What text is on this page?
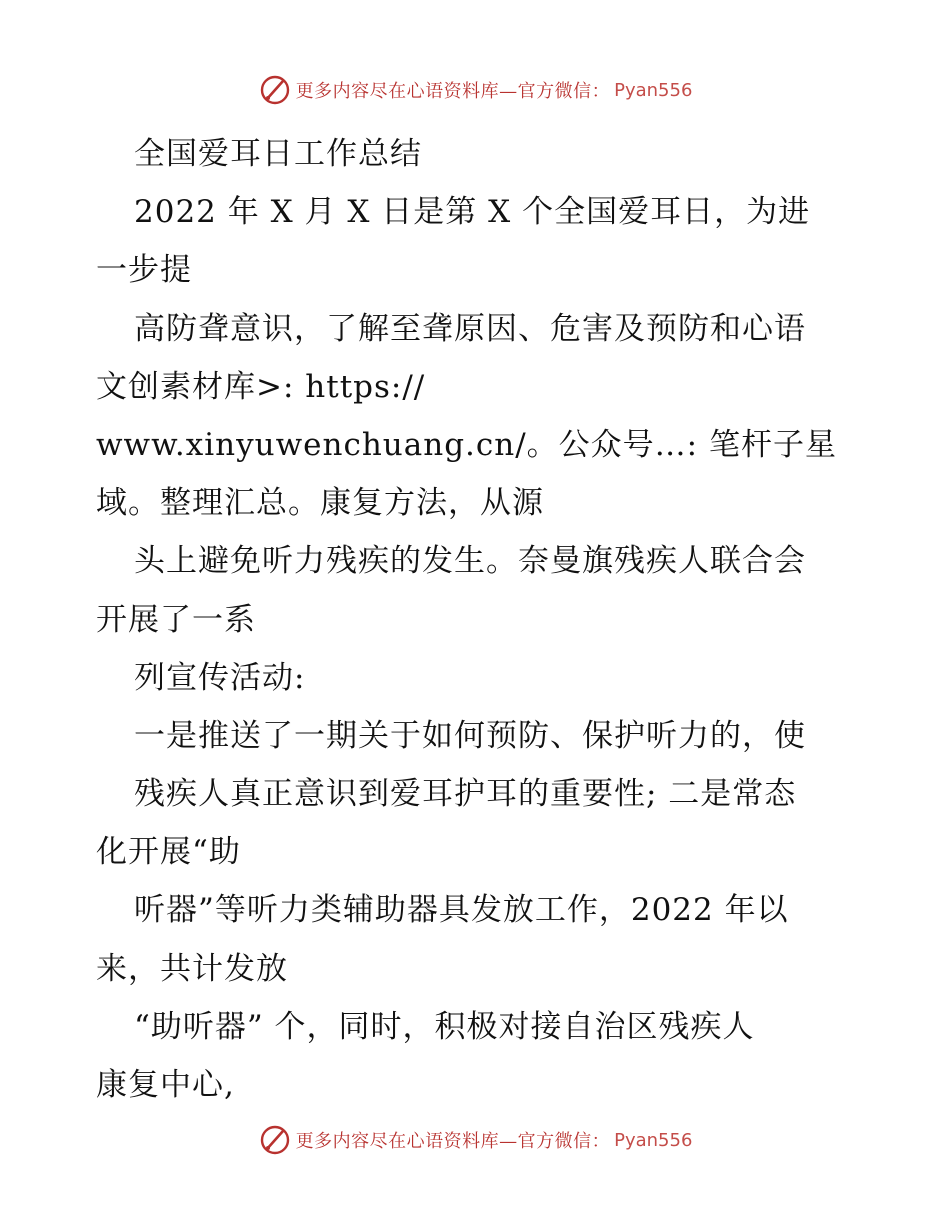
更多内容尽在心语资料库—官方微信： Pyan556
全国爱耳日工作总结
2022 年 X 月 X 日是第 X 个全国爱耳日，为进
一步提
高防聋意识，了解至聋原因、危害及预防和心语
文创素材库>: https://
www.xinyuwenchuang.cn/。公众号…: 笔杆子星
域。整理汇总。康复方法，从源
头上避免听力残疾的发生。奈曼旗残疾人联合会
开展了一系
列宣传活动:
一是推送了一期关于如何预防、保护听力的，使
残疾人真正意识到爱耳护耳的重要性; 二是常态
化开展“助
听器”等听力类辅助器具发放工作，2022 年以
来，共计发放
“助听器” 个，同时，积极对接自治区残疾人
康复中心,
更多内容尽在心语资料库—官方微信： Pyan556
